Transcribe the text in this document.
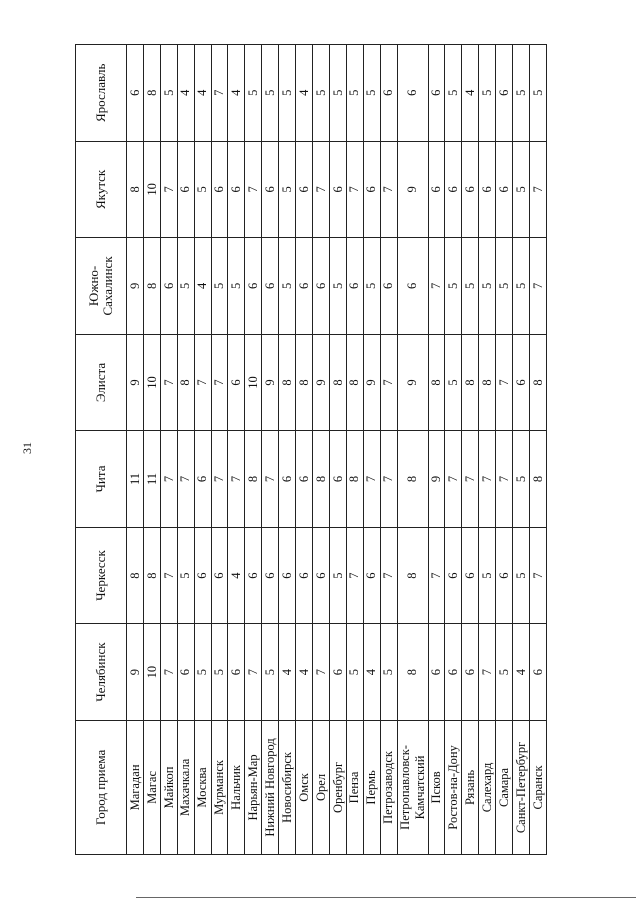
31
Город приема	Челябинск	Черкесск	Чита	Элиста	Южно-Сахалинск	Якутск	Ярославль
Магадан	9	8	11	9	9	8	6
Магас	10	8	11	10	8	10	8
Майкоп	7	7	7	7	6	7	5
Махачкала	6	5	7	8	5	6	4
Москва	5	6	6	7	4	5	4
Мурманск	5	6	7	7	5	6	7
Нальчик	6	4	7	6	5	6	4
Нарьян-Мар	7	6	8	10	6	7	5
Нижний Новгород	5	6	7	9	6	6	5
Новосибирск	4	6	6	8	5	5	5
Омск	4	6	6	8	6	6	4
Орел	7	6	8	9	6	7	5
Оренбург	6	5	6	8	5	6	5
Пенза	5	7	8	8	6	7	5
Пермь	4	6	7	9	5	6	5
Петрозаводск	5	7	7	7	6	7	6
Петропавловск-Камчатский	8	8	8	9	6	9	6
Псков	6	7	9	8	7	6	6
Ростов-на-Дону	6	6	7	5	5	6	5
Рязань	6	6	7	8	5	6	4
Салехард	7	5	7	8	5	6	5
Самара	5	6	7	7	5	6	6
Санкт-Петербург	4	5	5	6	5	5	5
Саранск	6	7	8	8	7	7	5
